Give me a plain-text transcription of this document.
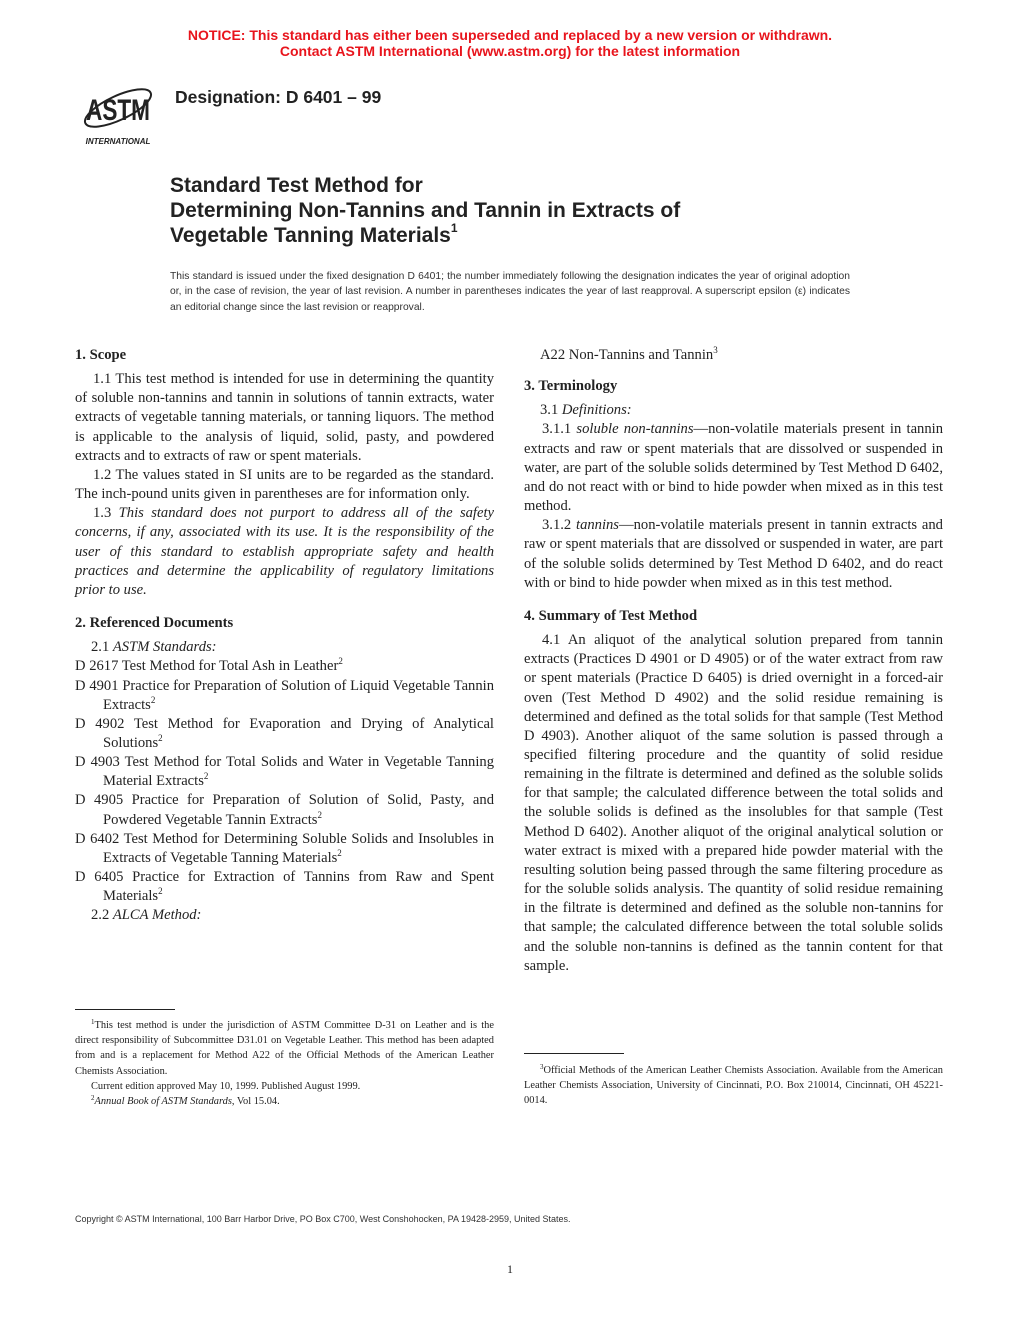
NOTICE: This standard has either been superseded and replaced by a new version or withdrawn.
Contact ASTM International (www.astm.org) for the latest information
ASTM
INTERNATIONAL
Designation: D 6401 – 99
Standard Test Method for
Determining Non-Tannins and Tannin in Extracts of
Vegetable Tanning Materials$^1$
This standard is issued under the fixed designation D 6401; the number immediately following the designation indicates the year of original adoption or, in the case of revision, the year of last revision. A number in parentheses indicates the year of last reapproval. A superscript epsilon (ε) indicates an editorial change since the last revision or reapproval.
1. Scope

1.1 This test method is intended for use in determining the quantity of soluble non-tannins and tannin in solutions of tannin extracts, water extracts of vegetable tanning materials, or tanning liquors. The method is applicable to the analysis of liquid, solid, pasty, and powdered extracts and to extracts of raw or spent materials.

1.2 The values stated in SI units are to be regarded as the standard. The inch-pound units given in parentheses are for information only.

1.3 This standard does not purport to address all of the safety concerns, if any, associated with its use. It is the responsibility of the user of this standard to establish appropriate safety and health practices and determine the applicability of regulatory limitations prior to use.

2. Referenced Documents

2.1 ASTM Standards:

D 2617 Test Method for Total Ash in Leather$^2$

D 4901 Practice for Preparation of Solution of Liquid Vegetable Tannin Extracts$^2$

D 4902 Test Method for Evaporation and Drying of Analytical Solutions$^2$

D 4903 Test Method for Total Solids and Water in Vegetable Tanning Material Extracts$^2$

D 4905 Practice for Preparation of Solution of Solid, Pasty, and Powdered Vegetable Tannin Extracts$^2$

D 6402 Test Method for Determining Soluble Solids and Insolubles in Extracts of Vegetable Tanning Materials$^2$

D 6405 Practice for Extraction of Tannins from Raw and Spent Materials$^2$

2.2 ALCA Method:

$^1$This test method is under the jurisdiction of ASTM Committee D-31 on Leather and is the direct responsibility of Subcommittee D31.01 on Vegetable Leather. This method has been adapted from and is a replacement for Method A22 of the Official Methods of the American Leather Chemists Association.

Current edition approved May 10, 1999. Published August 1999.

$^2$Annual Book of ASTM Standards, Vol 15.04.

A22 Non-Tannins and Tannin$^3$

3. Terminology

3.1 Definitions:

3.1.1 soluble non-tannins—non-volatile materials present in tannin extracts and raw or spent materials that are dissolved or suspended in water, are part of the soluble solids determined by Test Method D 6402, and do not react with or bind to hide powder when mixed as in this test method.

3.1.2 tannins—non-volatile materials present in tannin extracts and raw or spent materials that are dissolved or suspended in water, are part of the soluble solids determined by Test Method D 6402, and do react with or bind to hide powder when mixed as in this test method.

4. Summary of Test Method

4.1 An aliquot of the analytical solution prepared from tannin extracts (Practices D 4901 or D 4905) or of the water extract from raw or spent materials (Practice D 6405) is dried overnight in a forced-air oven (Test Method D 4902) and the solid residue remaining is determined and defined as the total solids for that sample (Test Method D 4903). Another aliquot of the same solution is passed through a specified filtering procedure and the quantity of solid residue remaining in the filtrate is determined and defined as the soluble solids for that sample; the calculated difference between the total solids and the soluble solids is defined as the insolubles for that sample (Test Method D 6402). Another aliquot of the original analytical solution or water extract is mixed with a prepared hide powder material with the resulting solution being passed through the same filtering procedure as for the soluble solids analysis. The quantity of solid residue remaining in the filtrate is determined and defined as the soluble non-tannins for that sample; the calculated difference between the total soluble solids and the soluble non-tannins is defined as the tannin content for that sample.

$^3$Official Methods of the American Leather Chemists Association. Available from the American Leather Chemists Association, University of Cincinnati, P.O. Box 210014, Cincinnati, OH 45221-0014.

Copyright © ASTM International, 100 Barr Harbor Drive, PO Box C700, West Conshohocken, PA 19428-2959, United States.
1
